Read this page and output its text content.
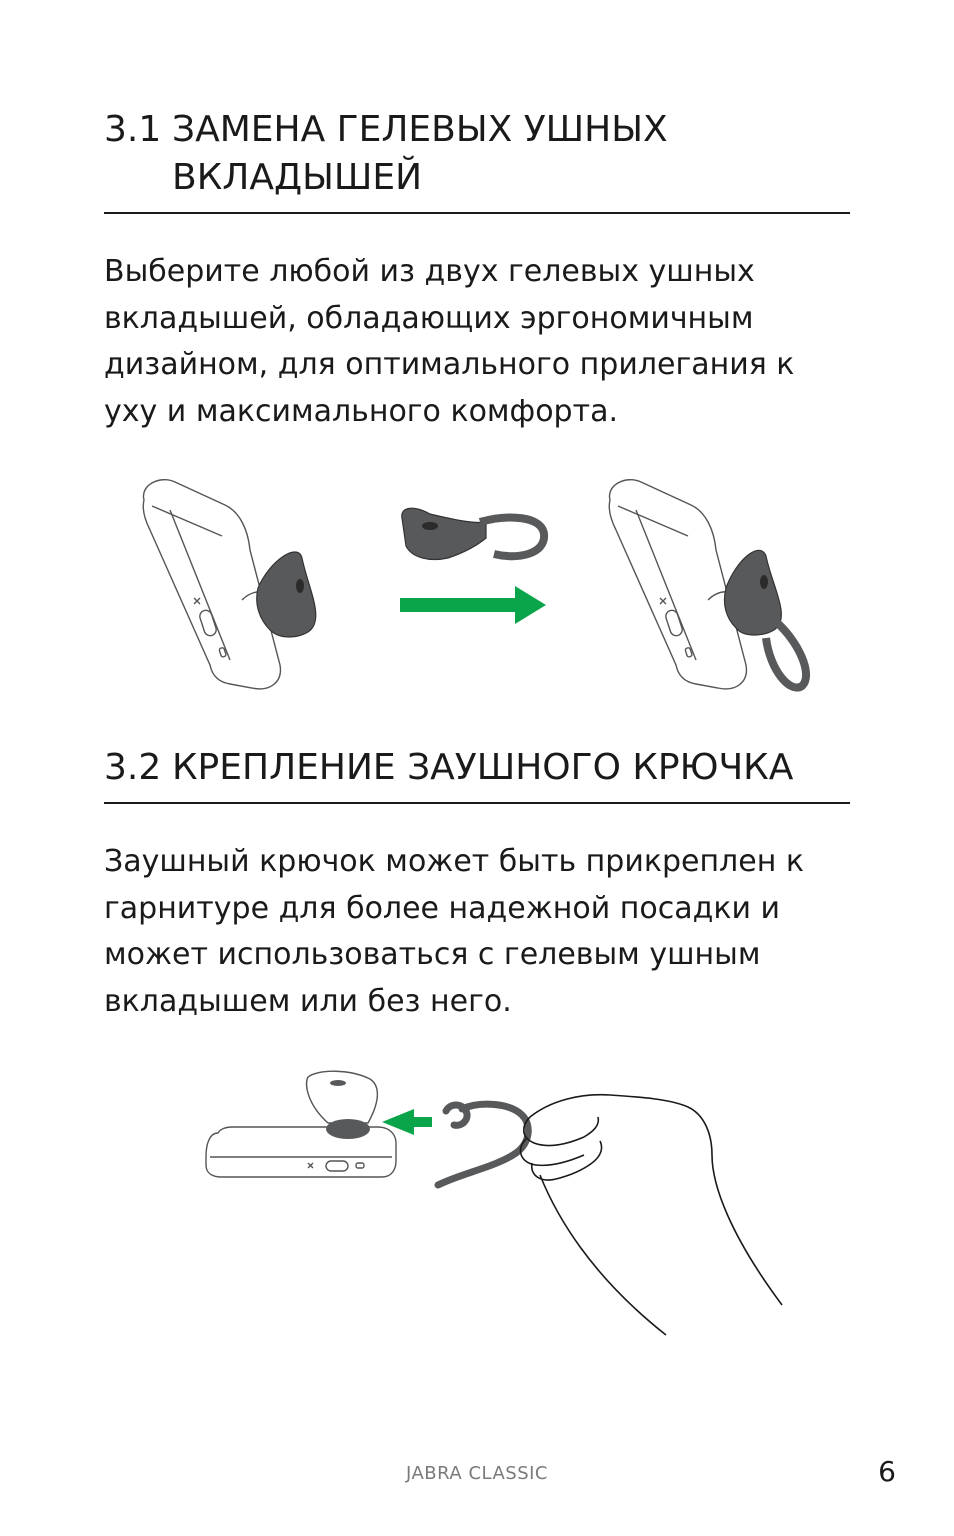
3.1 ЗАМЕНА ГЕЛЕВЫХ УШНЫХ ВКЛАДЫШЕЙ

Выберите любой из двух гелевых ушных вкладышей, обладающих эргономичным дизайном, для оптимального прилегания к уху и максимального комфорта.

3.2 КРЕПЛЕНИЕ ЗАУШНОГО КРЮЧКА

Заушный крючок может быть прикреплен к гарнитуре для более надежной посадки и может использоваться с гелевым ушным вкладышем или без него.

JABRA CLASSIC	6
